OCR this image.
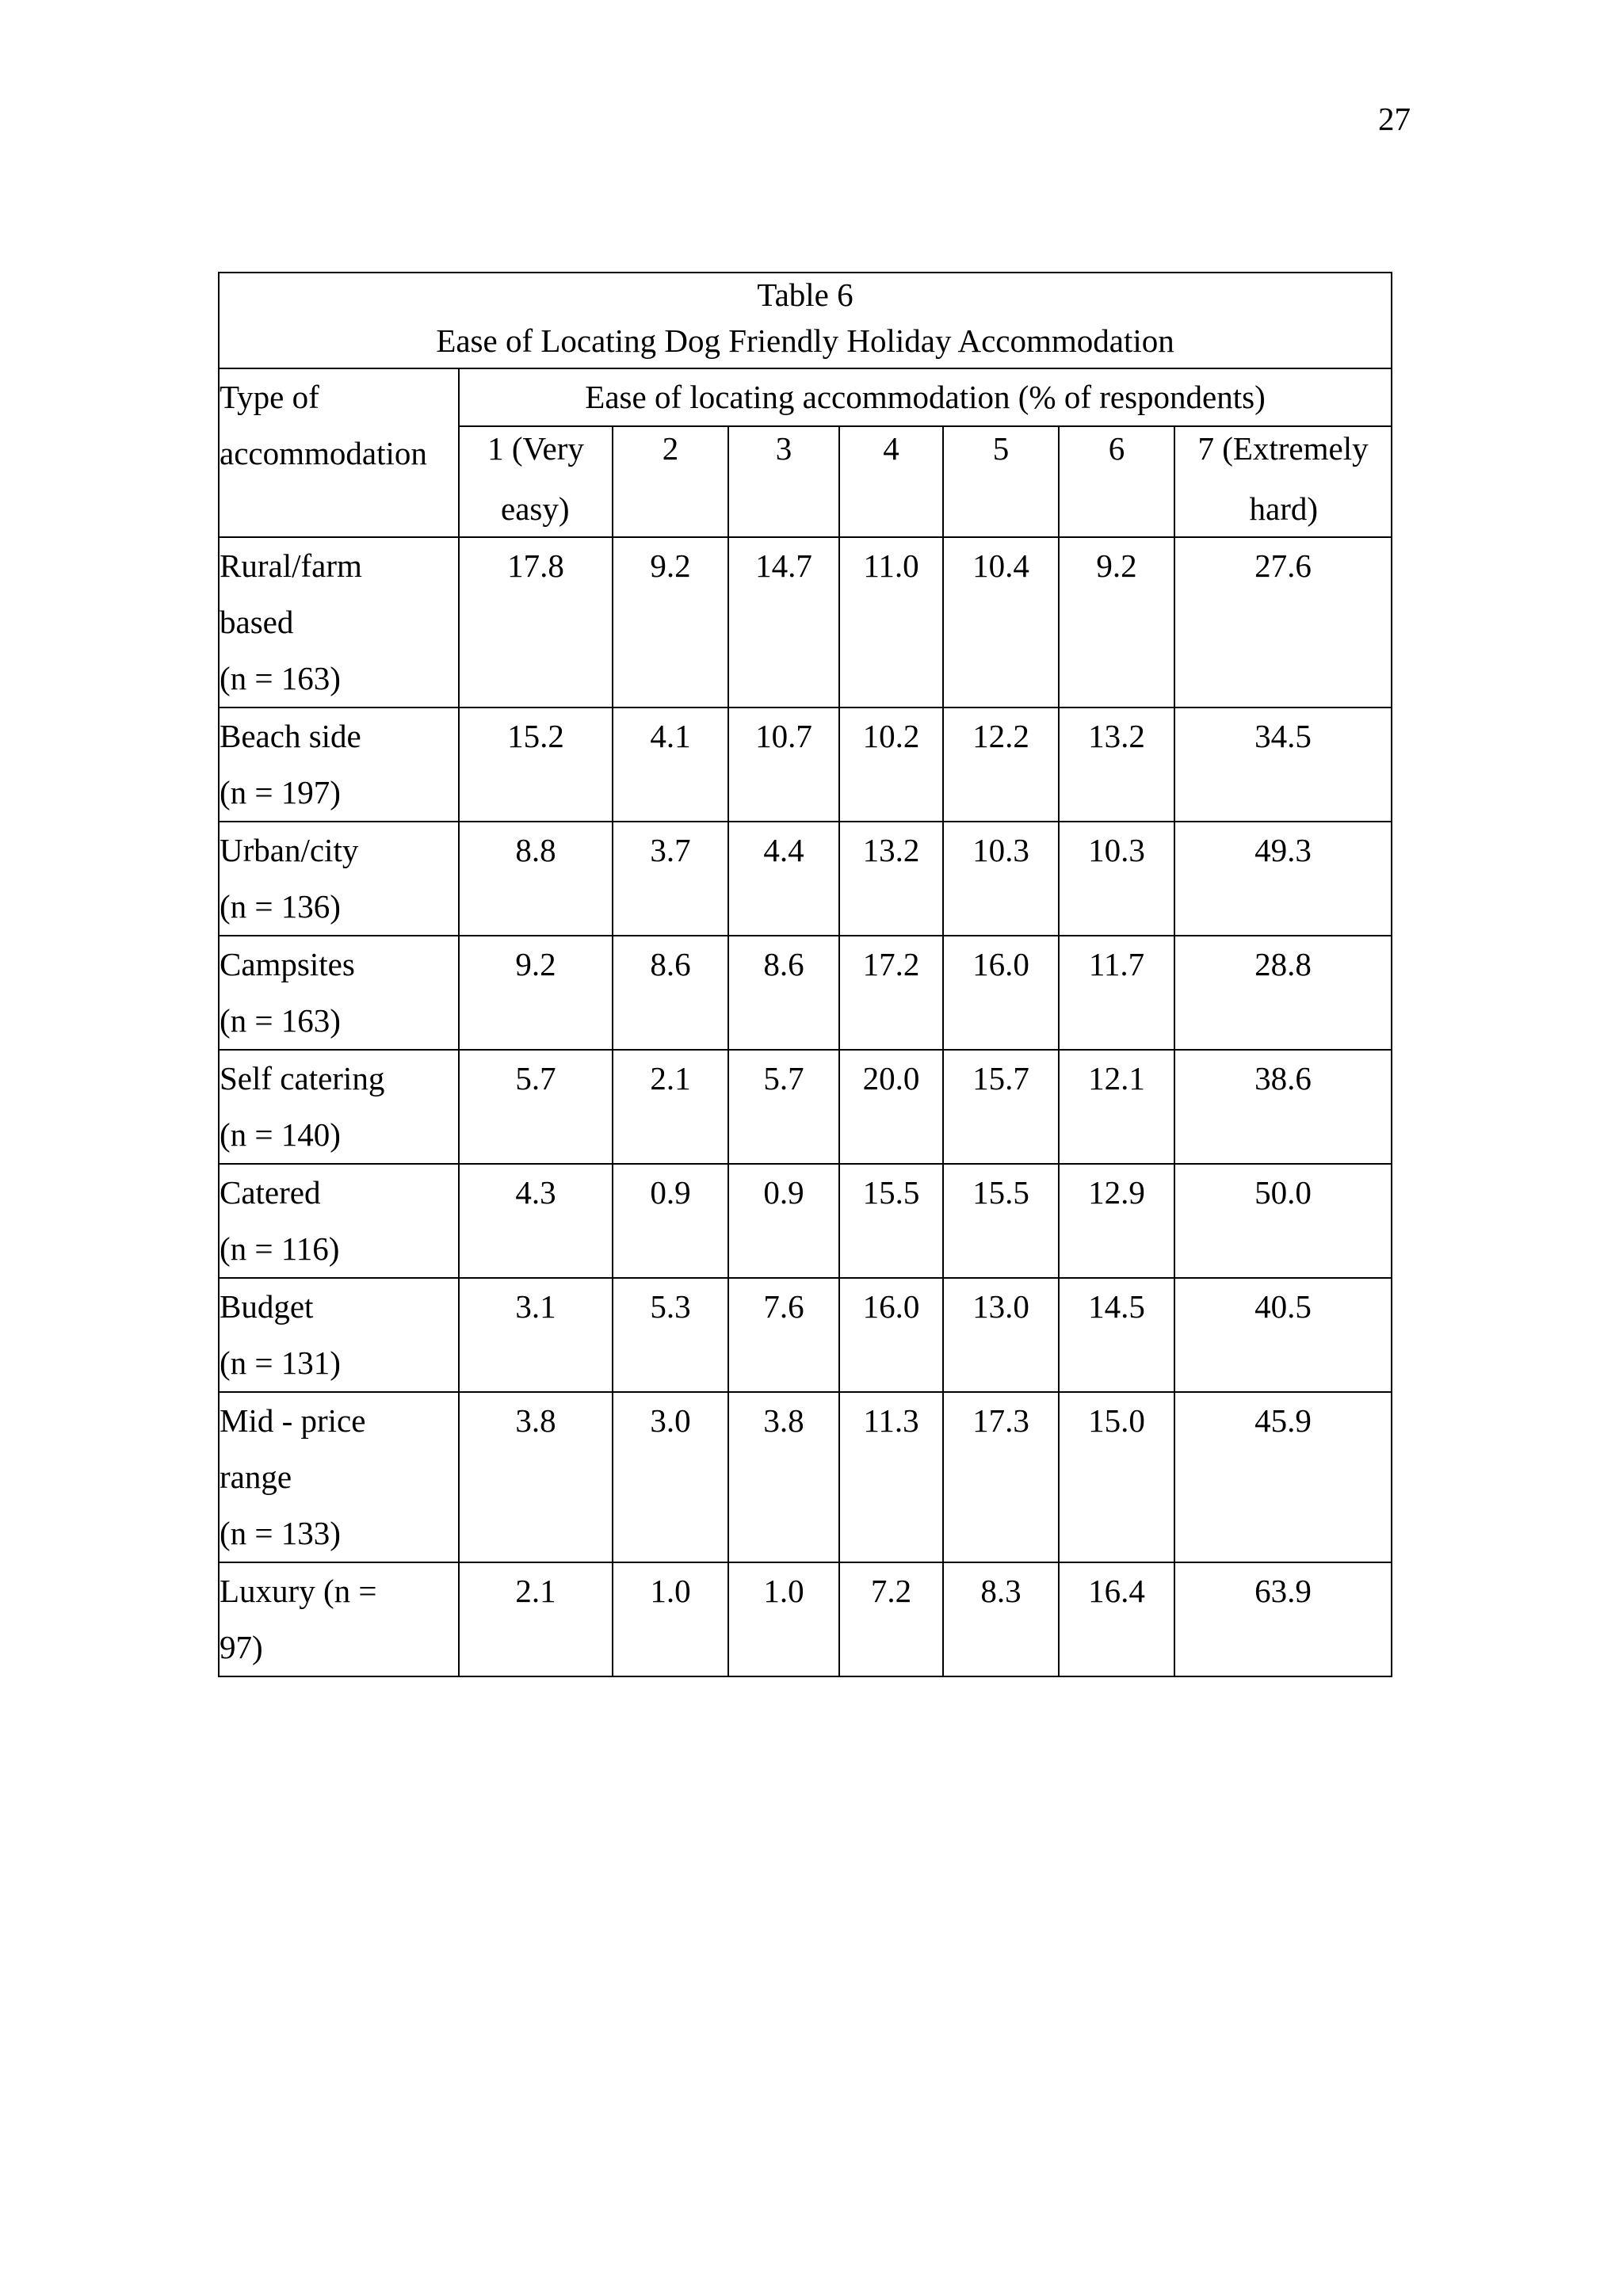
27
Table 6
Ease of Locating Dog Friendly Holiday Accommodation							

Type of
accommodation	Ease of locating accommodation (% of respondents)						

	1 (Very
easy)	2	3	4	5	6	7 (Extremely
hard)

Rural/farm
based
(n = 163)	17.8	9.2	14.7	11.0	10.4	9.2	27.6

Beach side
(n = 197)	15.2	4.1	10.7	10.2	12.2	13.2	34.5

Urban/city
(n = 136)	8.8	3.7	4.4	13.2	10.3	10.3	49.3

Campsites
(n = 163)	9.2	8.6	8.6	17.2	16.0	11.7	28.8

Self catering
(n = 140)	5.7	2.1	5.7	20.0	15.7	12.1	38.6

Catered
(n = 116)	4.3	0.9	0.9	15.5	15.5	12.9	50.0

Budget
(n = 131)	3.1	5.3	7.6	16.0	13.0	14.5	40.5

Mid - price
range
(n = 133)	3.8	3.0	3.8	11.3	17.3	15.0	45.9

Luxury (n =
97)	2.1	1.0	1.0	7.2	8.3	16.4	63.9
